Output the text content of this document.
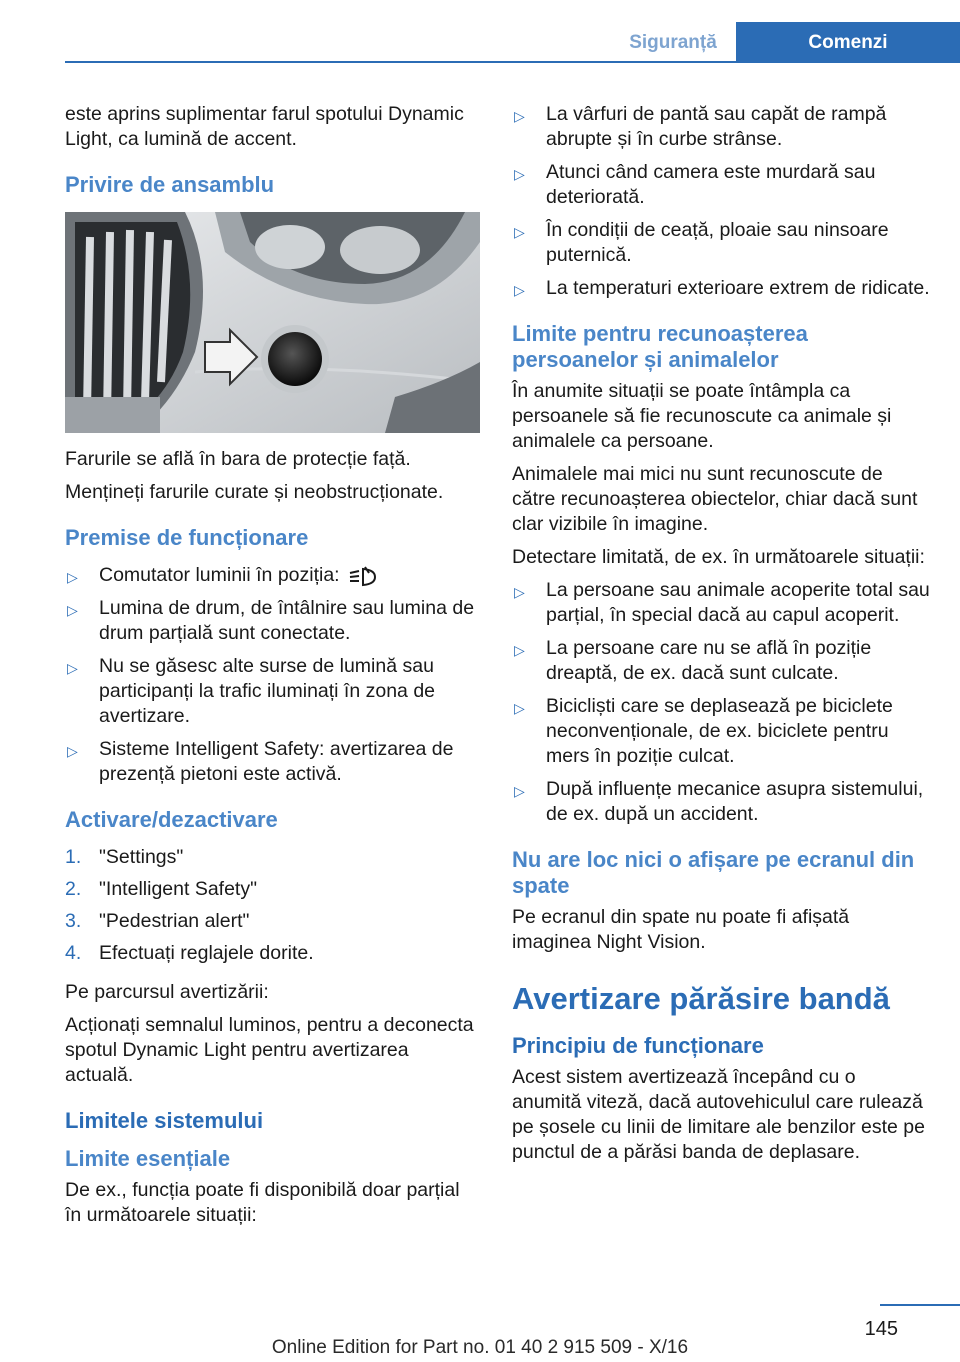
Siguranță	Comenzi

este aprins suplimentar farul spotului Dynamic Light, ca lumină de accent.

Privire de ansamblu

Farurile se află în bara de protecție față.

Mențineți farurile curate și neobstrucționate.

Premise de funcționare
▷ Comutator luminii în poziția:
▷ Lumina de drum, de întâlnire sau lumina de drum parțială sunt conectate.
▷ Nu se găsesc alte surse de lumină sau participanți la trafic iluminați în zona de avertizare.
▷ Sisteme Intelligent Safety: avertizarea de prezență pietoni este activă.
Activare/dezactivare
1. "Settings"
2. "Intelligent Safety"
3. "Pedestrian alert"
4. Efectuați reglajele dorite.

Pe parcursul avertizării:

Acționați semnalul luminos, pentru a deconecta spotul Dynamic Light pentru avertizarea actuală.

Limitele sistemului
Limite esențiale

De ex., funcția poate fi disponibilă doar parțial în următoarele situații:

▷ La vârfuri de pantă sau capăt de rampă abrupte și în curbe strânse.
▷ Atunci când camera este murdară sau deteriorată.
▷ În condiții de ceață, ploaie sau ninsoare puternică.
▷ La temperaturi exterioare extrem de ridicate.
Limite pentru recunoașterea persoanelor și animalelor

În anumite situații se poate întâmpla ca persoanele să fie recunoscute ca animale și animalele ca persoane.

Animalele mai mici nu sunt recunoscute de către recunoașterea obiectelor, chiar dacă sunt clar vizibile în imagine.

Detectare limitată, de ex. în următoarele situații:

▷ La persoane sau animale acoperite total sau parțial, în special dacă au capul acoperit.
▷ La persoane care nu se află în poziție dreaptă, de ex. dacă sunt culcate.
▷ Bicicliști care se deplasează pe biciclete neconvenționale, de ex. biciclete pentru mers în poziție culcat.
▷ După influențe mecanice asupra sistemului, de ex. după un accident.
Nu are loc nici o afișare pe ecranul din spate

Pe ecranul din spate nu poate fi afișată imaginea Night Vision.

Avertizare părăsire bandă
Principiu de funcționare

Acest sistem avertizează începând cu o anumită viteză, dacă autovehiculul care rulează pe șosele cu linii de limitare ale benzilor este pe punctul de a părăsi banda de deplasare.

145
Online Edition for Part no. 01 40 2 915 509 - X/16
